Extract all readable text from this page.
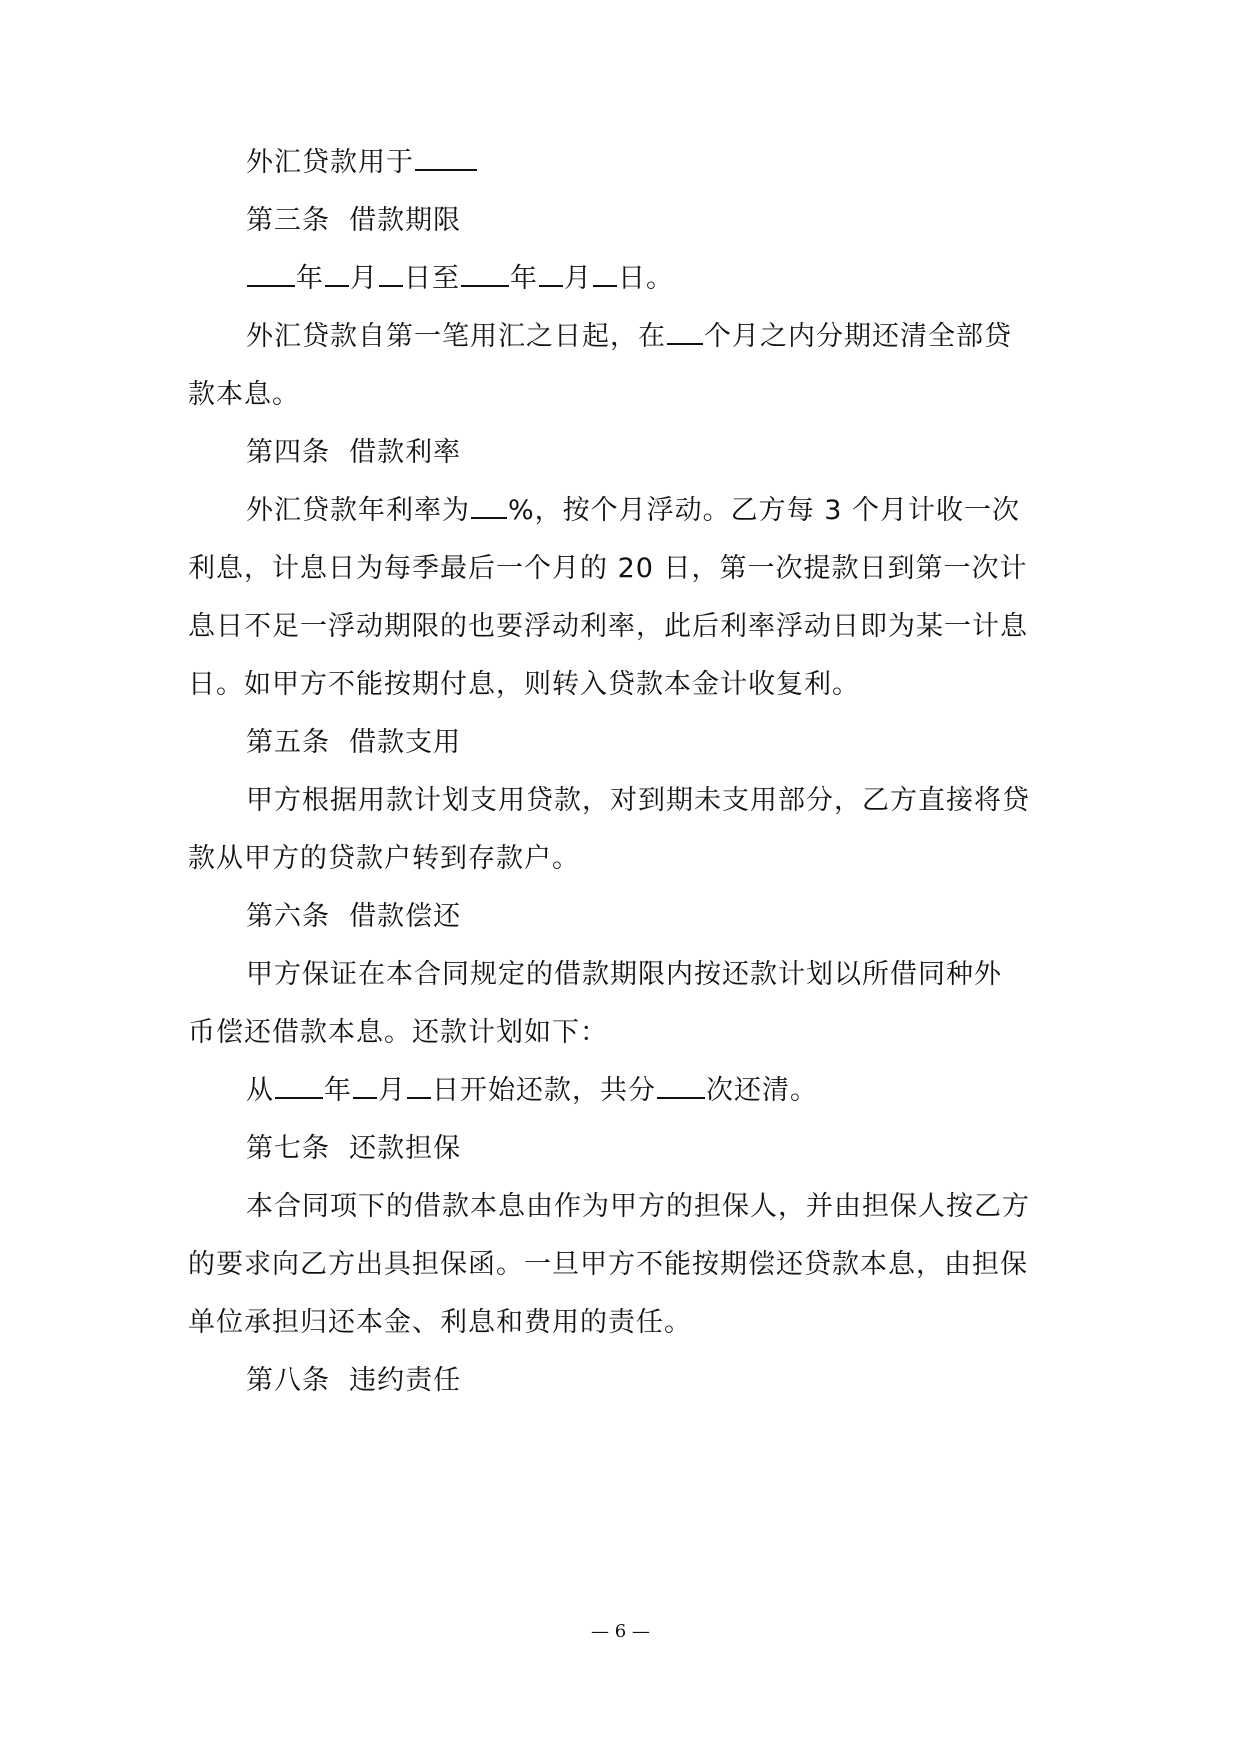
外汇贷款用于
第三条  借款期限
年 月 日至 年 月 日。
外汇贷款自第一笔用汇之日起，在 个月之内分期还清全部贷
款本息。
第四条  借款利率
外汇贷款年利率为 %，按个月浮动。乙方每 3 个月计收一次
利息，计息日为每季最后一个月的 20 日，第一次提款日到第一次计
息日不足一浮动期限的也要浮动利率，此后利率浮动日即为某一计息
日。如甲方不能按期付息，则转入贷款本金计收复利。
第五条  借款支用
甲方根据用款计划支用贷款，对到期未支用部分，乙方直接将贷
款从甲方的贷款户转到存款户。
第六条  借款偿还
甲方保证在本合同规定的借款期限内按还款计划以所借同种外
币偿还借款本息。还款计划如下：
从 年 月 日开始还款，共分 次还清。
第七条  还款担保
本合同项下的借款本息由作为甲方的担保人，并由担保人按乙方
的要求向乙方出具担保函。一旦甲方不能按期偿还贷款本息，由担保
单位承担归还本金、利息和费用的责任。
第八条  违约责任
— 6 —
